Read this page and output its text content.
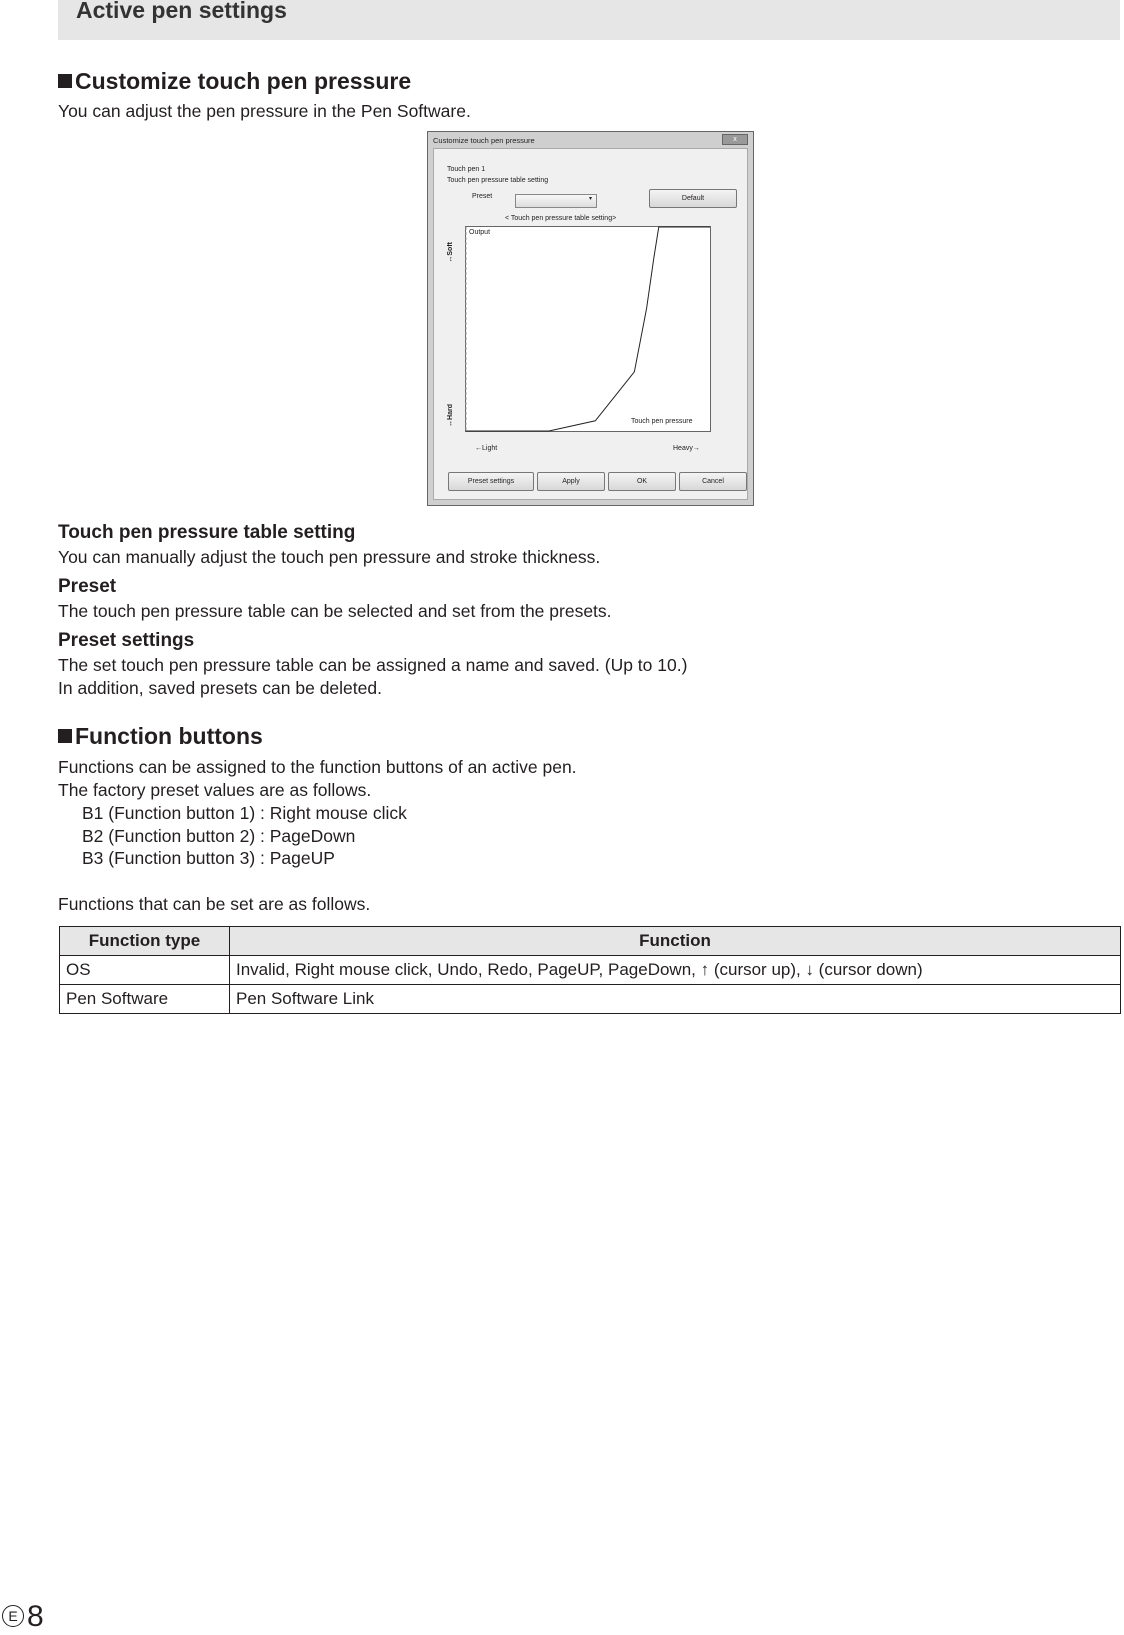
Active pen settings
Customize touch pen pressure
You can adjust the pen pressure in the Pen Software.
Customize touch pen pressure	x
Touch pen 1
Touch pen pressure table setting
Preset	▾	Default
< Touch pen pressure table setting>
↔Soft
↔Hard
Output
Touch pen pressure
←Light	Heavy→
Preset settings	Apply	OK	Cancel
Touch pen pressure table setting
You can manually adjust the touch pen pressure and stroke thickness.
Preset
The touch pen pressure table can be selected and set from the presets.
Preset settings
The set touch pen pressure table can be assigned a name and saved. (Up to 10.)
In addition, saved presets can be deleted.
Function buttons
Functions can be assigned to the function buttons of an active pen.
The factory preset values are as follows.
B1 (Function button 1) : Right mouse click
B2 (Function button 2) : PageDown
B3 (Function button 3) : PageUP
Functions that can be set are as follows.
Function type	Function
OS	Invalid, Right mouse click, Undo, Redo, PageUP, PageDown, ↑ (cursor up), ↓ (cursor down)
Pen Software	Pen Software Link
E 8
